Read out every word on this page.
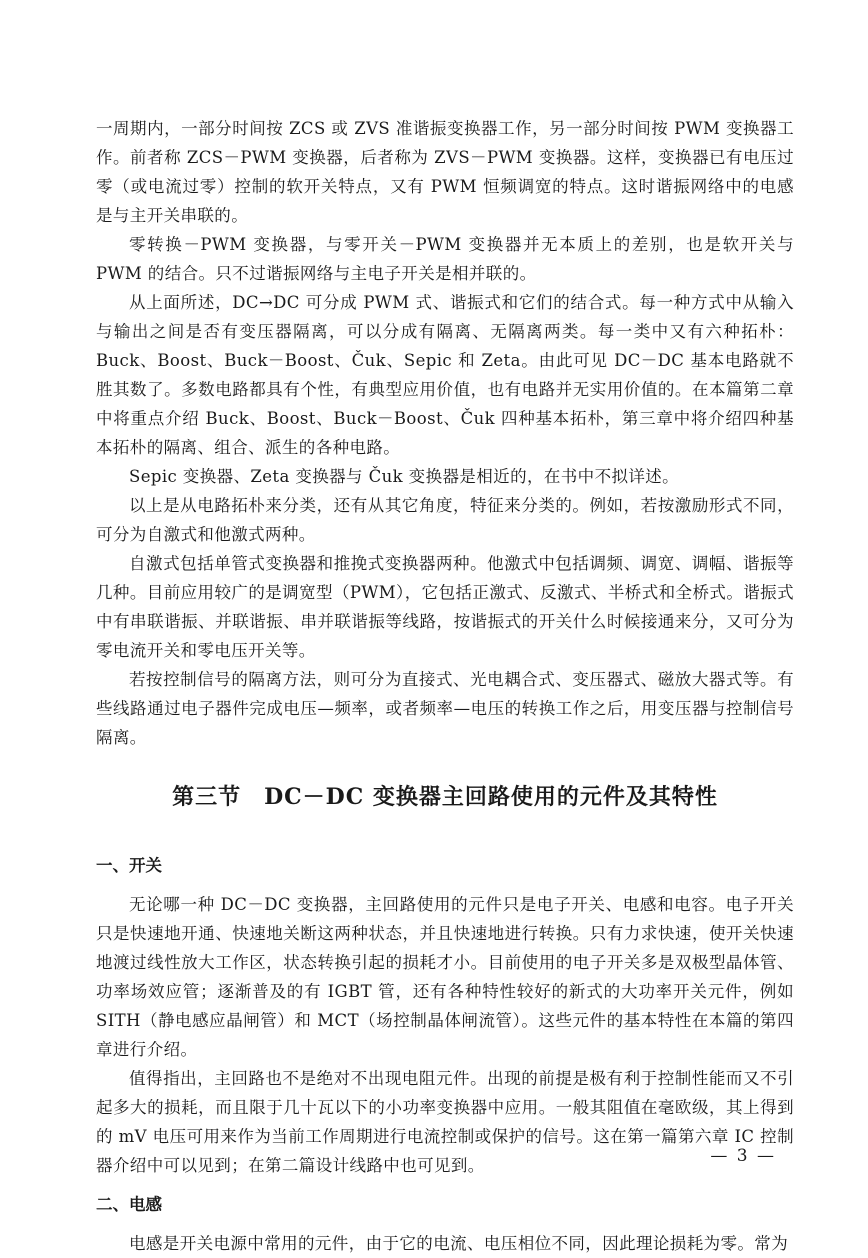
一周期内，一部分时间按 ZCS 或 ZVS 准谐振变换器工作，另一部分时间按 PWM 变换器工作。前者称 ZCS－PWM 变换器，后者称为 ZVS－PWM 变换器。这样，变换器已有电压过零（或电流过零）控制的软开关特点，又有 PWM 恒频调宽的特点。这时谐振网络中的电感是与主开关串联的。

零转换－PWM 变换器，与零开关－PWM 变换器并无本质上的差别，也是软开关与 PWM 的结合。只不过谐振网络与主电子开关是相并联的。

从上面所述，DC→DC 可分成 PWM 式、谐振式和它们的结合式。每一种方式中从输入与输出之间是否有变压器隔离，可以分成有隔离、无隔离两类。每一类中又有六种拓朴：Buck、Boost、Buck－Boost、Čuk、Sepic 和 Zeta。由此可见 DC－DC 基本电路就不胜其数了。多数电路都具有个性，有典型应用价值，也有电路并无实用价值的。在本篇第二章中将重点介绍 Buck、Boost、Buck－Boost、Čuk 四种基本拓朴，第三章中将介绍四种基本拓朴的隔离、组合、派生的各种电路。

Sepic 变换器、Zeta 变换器与 Čuk 变换器是相近的，在书中不拟详述。

以上是从电路拓朴来分类，还有从其它角度，特征来分类的。例如，若按激励形式不同，可分为自激式和他激式两种。

自激式包括单管式变换器和推挽式变换器两种。他激式中包括调频、调宽、调幅、谐振等几种。目前应用较广的是调宽型（PWM），它包括正激式、反激式、半桥式和全桥式。谐振式中有串联谐振、并联谐振、串并联谐振等线路，按谐振式的开关什么时候接通来分，又可分为零电流开关和零电压开关等。

若按控制信号的隔离方法，则可分为直接式、光电耦合式、变压器式、磁放大器式等。有些线路通过电子器件完成电压—频率，或者频率—电压的转换工作之后，用变压器与控制信号隔离。

第三节　DC－DC 变换器主回路使用的元件及其特性
一、开关

无论哪一种 DC－DC 变换器，主回路使用的元件只是电子开关、电感和电容。电子开关只是快速地开通、快速地关断这两种状态，并且快速地进行转换。只有力求快速，使开关快速地渡过线性放大工作区，状态转换引起的损耗才小。目前使用的电子开关多是双极型晶体管、功率场效应管；逐渐普及的有 IGBT 管，还有各种特性较好的新式的大功率开关元件，例如 SITH（静电感应晶闸管）和 MCT（场控制晶体闸流管）。这些元件的基本特性在本篇的第四章进行介绍。

值得指出，主回路也不是绝对不出现电阻元件。出现的前提是极有利于控制性能而又不引起多大的损耗，而且限于几十瓦以下的小功率变换器中应用。一般其阻值在毫欧级，其上得到的 mV 电压可用来作为当前工作周期进行电流控制或保护的信号。这在第一篇第六章 IC 控制器介绍中可以见到；在第二篇设计线路中也可见到。

二、电感

电感是开关电源中常用的元件，由于它的电流、电压相位不同，因此理论损耗为零。常为

— 3 —
